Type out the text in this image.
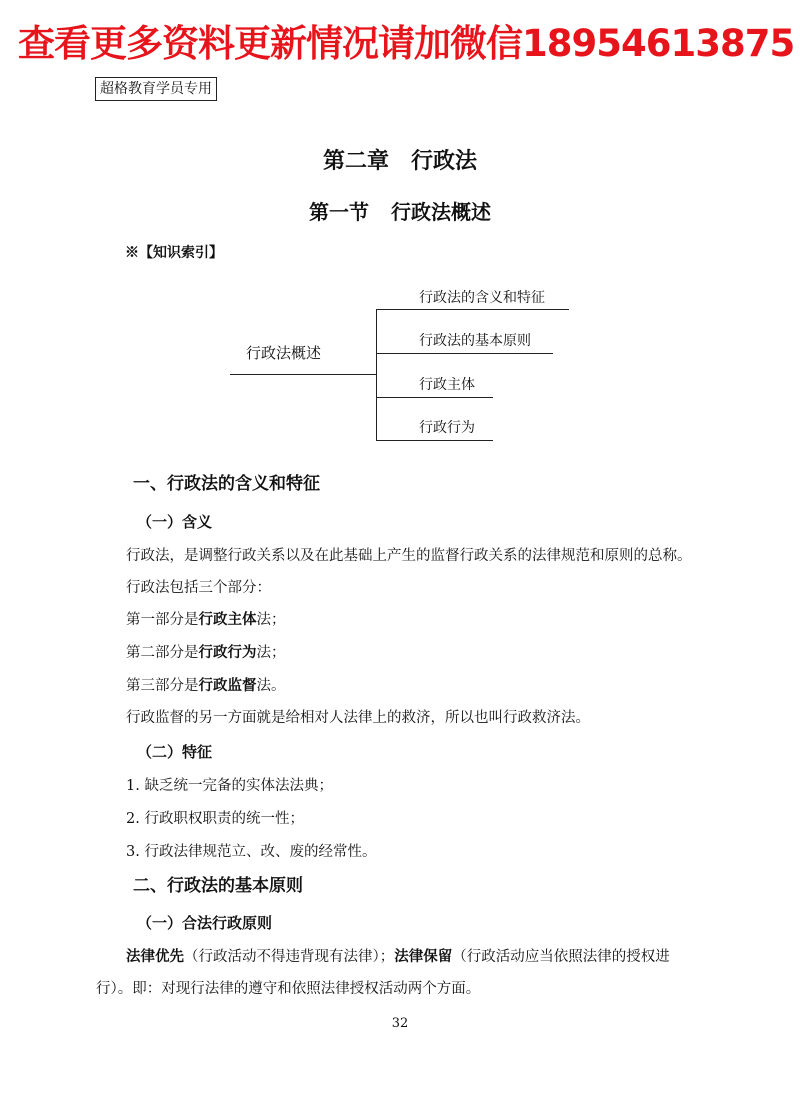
查看更多资料更新情况请加微信18954613875
超格教育学员专用
第二章 行政法
第一节 行政法概述
※【知识索引】
行政法概述
行政法的含义和特征
行政法的基本原则
行政主体
行政行为
一、行政法的含义和特征
（一）含义
行政法，是调整行政关系以及在此基础上产生的监督行政关系的法律规范和原则的总称。
行政法包括三个部分：
第一部分是行政主体法；
第二部分是行政行为法；
第三部分是行政监督法。
行政监督的另一方面就是给相对人法律上的救济，所以也叫行政救济法。
（二）特征
1. 缺乏统一完备的实体法法典；
2. 行政职权职责的统一性；
3. 行政法律规范立、改、废的经常性。
二、行政法的基本原则
（一）合法行政原则
法律优先（行政活动不得违背现有法律）；法律保留（行政活动应当依照法律的授权进
行）。即：对现行法律的遵守和依照法律授权活动两个方面。
32
